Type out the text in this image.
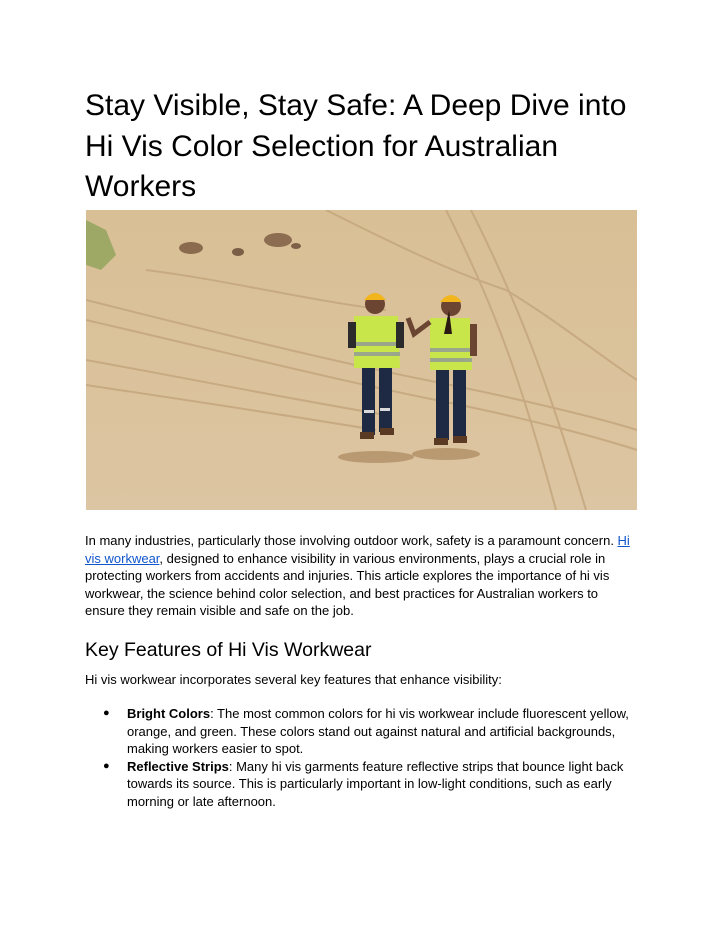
Stay Visible, Stay Safe: A Deep Dive into Hi Vis Color Selection for Australian Workers

In many industries, particularly those involving outdoor work, safety is a paramount concern. Hi vis workwear, designed to enhance visibility in various environments, plays a crucial role in protecting workers from accidents and injuries. This article explores the importance of hi vis workwear, the science behind color selection, and best practices for Australian workers to ensure they remain visible and safe on the job.

Key Features of Hi Vis Workwear

Hi vis workwear incorporates several key features that enhance visibility:

● Bright Colors: The most common colors for hi vis workwear include fluorescent yellow, orange, and green. These colors stand out against natural and artificial backgrounds, making workers easier to spot.
● Reflective Strips: Many hi vis garments feature reflective strips that bounce light back towards its source. This is particularly important in low-light conditions, such as early morning or late afternoon.
